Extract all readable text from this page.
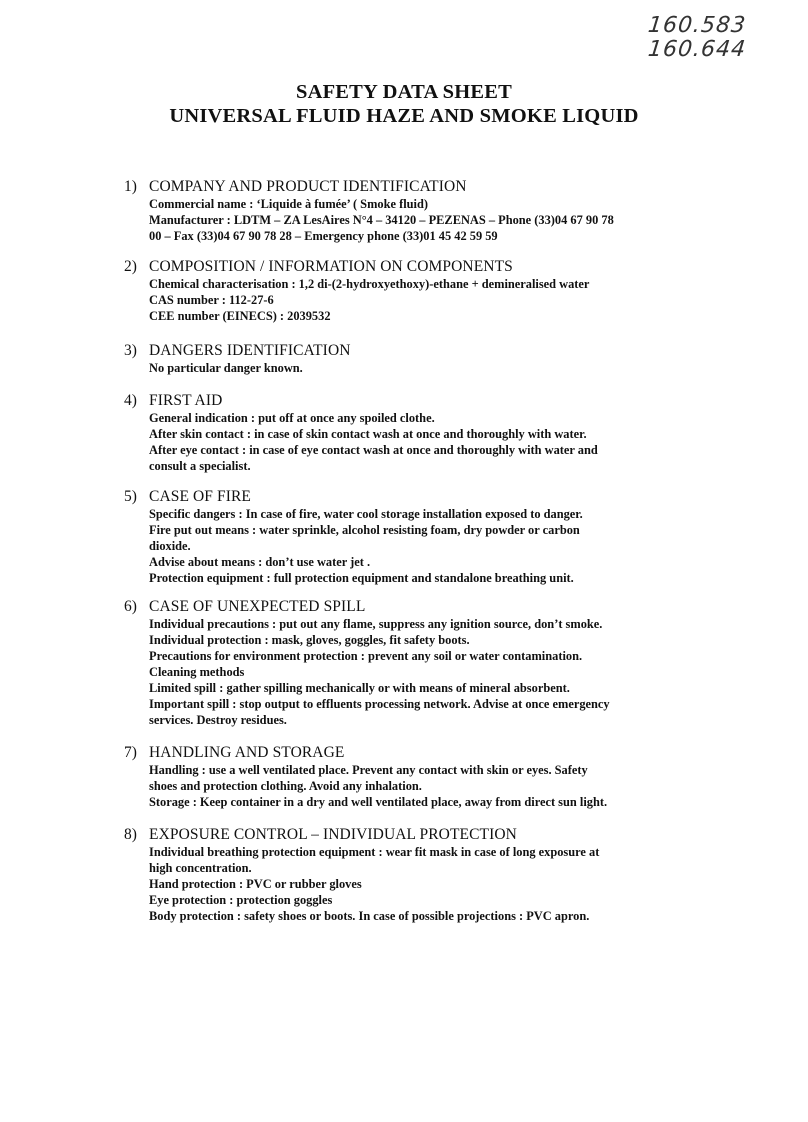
160.583
160.644
SAFETY DATA SHEET
UNIVERSAL FLUID HAZE AND SMOKE LIQUID
1) COMPANY AND PRODUCT IDENTIFICATION
Commercial name : ‘Liquide à fumée’ ( Smoke fluid)
Manufacturer : LDTM – ZA LesAires N°4 – 34120 – PEZENAS – Phone (33)04 67 90 78
00 – Fax (33)04 67 90 78 28 – Emergency phone (33)01 45 42 59 59
2) COMPOSITION / INFORMATION ON COMPONENTS
Chemical characterisation : 1,2 di-(2-hydroxyethoxy)-ethane + demineralised water
CAS number : 112-27-6
CEE number (EINECS) : 2039532
3) DANGERS IDENTIFICATION
No particular danger known.
4) FIRST AID
General indication : put off at once any spoiled clothe.
After skin contact : in case of skin contact wash at once and thoroughly with water.
After eye contact : in case of eye contact wash at once and thoroughly with water and
consult a specialist.
5) CASE OF FIRE
Specific dangers : In case of fire, water cool storage installation exposed to danger.
Fire put out means : water sprinkle, alcohol resisting foam, dry powder or carbon
dioxide.
Advise about means : don’t use water jet .
Protection equipment : full protection equipment and standalone breathing unit.
6) CASE OF UNEXPECTED SPILL
Individual precautions : put out any flame, suppress any ignition source, don’t smoke.
Individual protection : mask, gloves, goggles, fit safety boots.
Precautions for environment protection : prevent any soil or water contamination.
Cleaning methods
Limited spill : gather spilling mechanically or with means of mineral absorbent.
Important spill : stop output to effluents processing network. Advise at once emergency
services. Destroy residues.
7) HANDLING AND STORAGE
Handling : use a well ventilated place. Prevent any contact with skin or eyes. Safety
shoes and protection clothing. Avoid any inhalation.
Storage : Keep container in a dry and well ventilated place, away from direct sun light.
8) EXPOSURE CONTROL – INDIVIDUAL PROTECTION
Individual breathing protection equipment : wear fit mask in case of long exposure at
high concentration.
Hand protection : PVC or rubber gloves
Eye protection : protection goggles
Body protection : safety shoes or boots. In case of possible projections : PVC apron.
